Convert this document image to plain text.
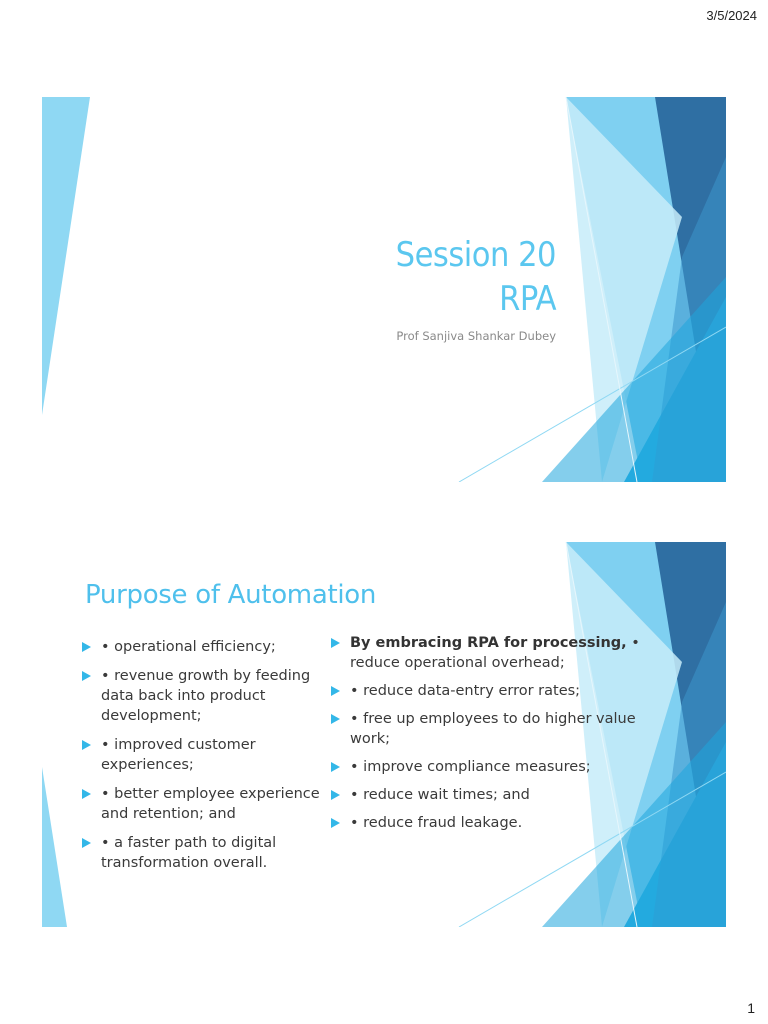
3/5/2024
Session 20
RPA
Prof Sanjiva Shankar Dubey
Purpose of Automation
• operational efficiency;
• revenue growth by feeding data back into product development;
• improved customer experiences;
• better employee experience and retention; and
• a faster path to digital transformation overall.
By embracing RPA for processing, • reduce operational overhead;
• reduce data-entry error rates;
• free up employees to do higher value work;
• improve compliance measures;
• reduce wait times; and
• reduce fraud leakage.
1
